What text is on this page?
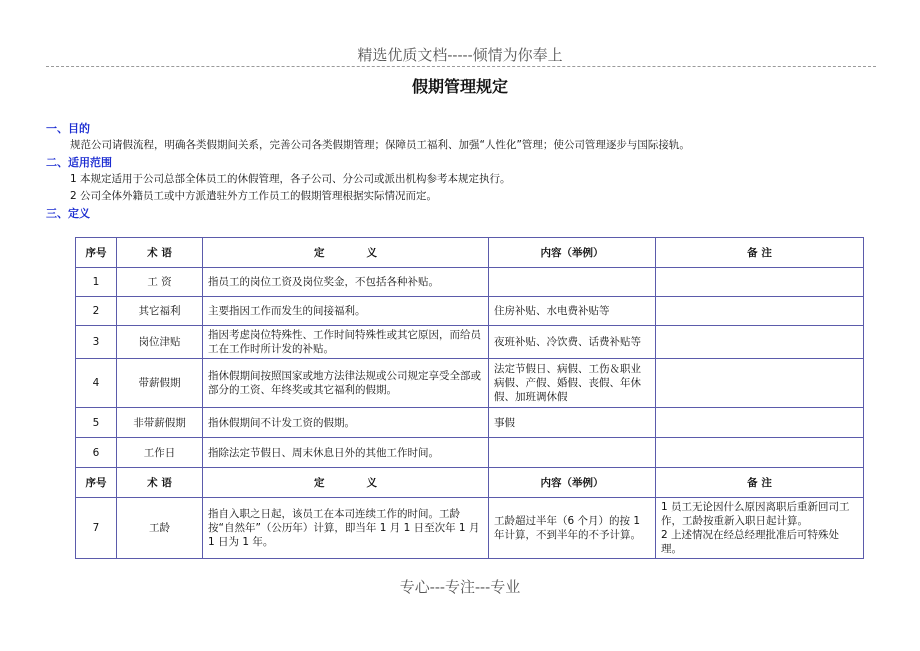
精选优质文档-----倾情为你奉上
假期管理规定
一、目的
规范公司请假流程，明确各类假期间关系，完善公司各类假期管理；保障员工福利、加强“人性化”管理；使公司管理逐步与国际接轨。
二、适用范围
1 本规定适用于公司总部全体员工的休假管理，各子公司、分公司或派出机构参考本规定执行。
2 公司全体外籍员工或中方派遣驻外方工作员工的假期管理根据实际情况而定。
三、定义
序号	术 语	定　　　　义	内容（举例）	备 注
1	工 资	指员工的岗位工资及岗位奖金，不包括各种补贴。		
2	其它福利	主要指因工作而发生的间接福利。	住房补贴、水电费补贴等	
3	岗位津贴	指因考虑岗位特殊性、工作时间特殊性或其它原因，而给员工在工作时所计发的补贴。	夜班补贴、冷饮费、话费补贴等	
4	带薪假期	指休假期间按照国家或地方法律法规或公司规定享受全部或部分的工资、年终奖或其它福利的假期。	法定节假日、病假、工伤＆职业病假、产假、婚假、丧假、年休假、加班调休假	
5	非带薪假期	指休假期间不计发工资的假期。	事假	
6	工作日	指除法定节假日、周末休息日外的其他工作时间。		
序号	术 语	定　　　　义	内容（举例）	备 注
7	工龄	指自入职之日起，该员工在本司连续工作的时间。工龄按“自然年”（公历年）计算，即当年 1 月 1 日至次年 1 月 1 日为 1 年。	工龄超过半年（6 个月）的按 1 年计算，不到半年的不予计算。	1 员工无论因什么原因离职后重新回司工作，工龄按重新入职日起计算。
2 上述情况在经总经理批准后可特殊处理。
专心---专注---专业
